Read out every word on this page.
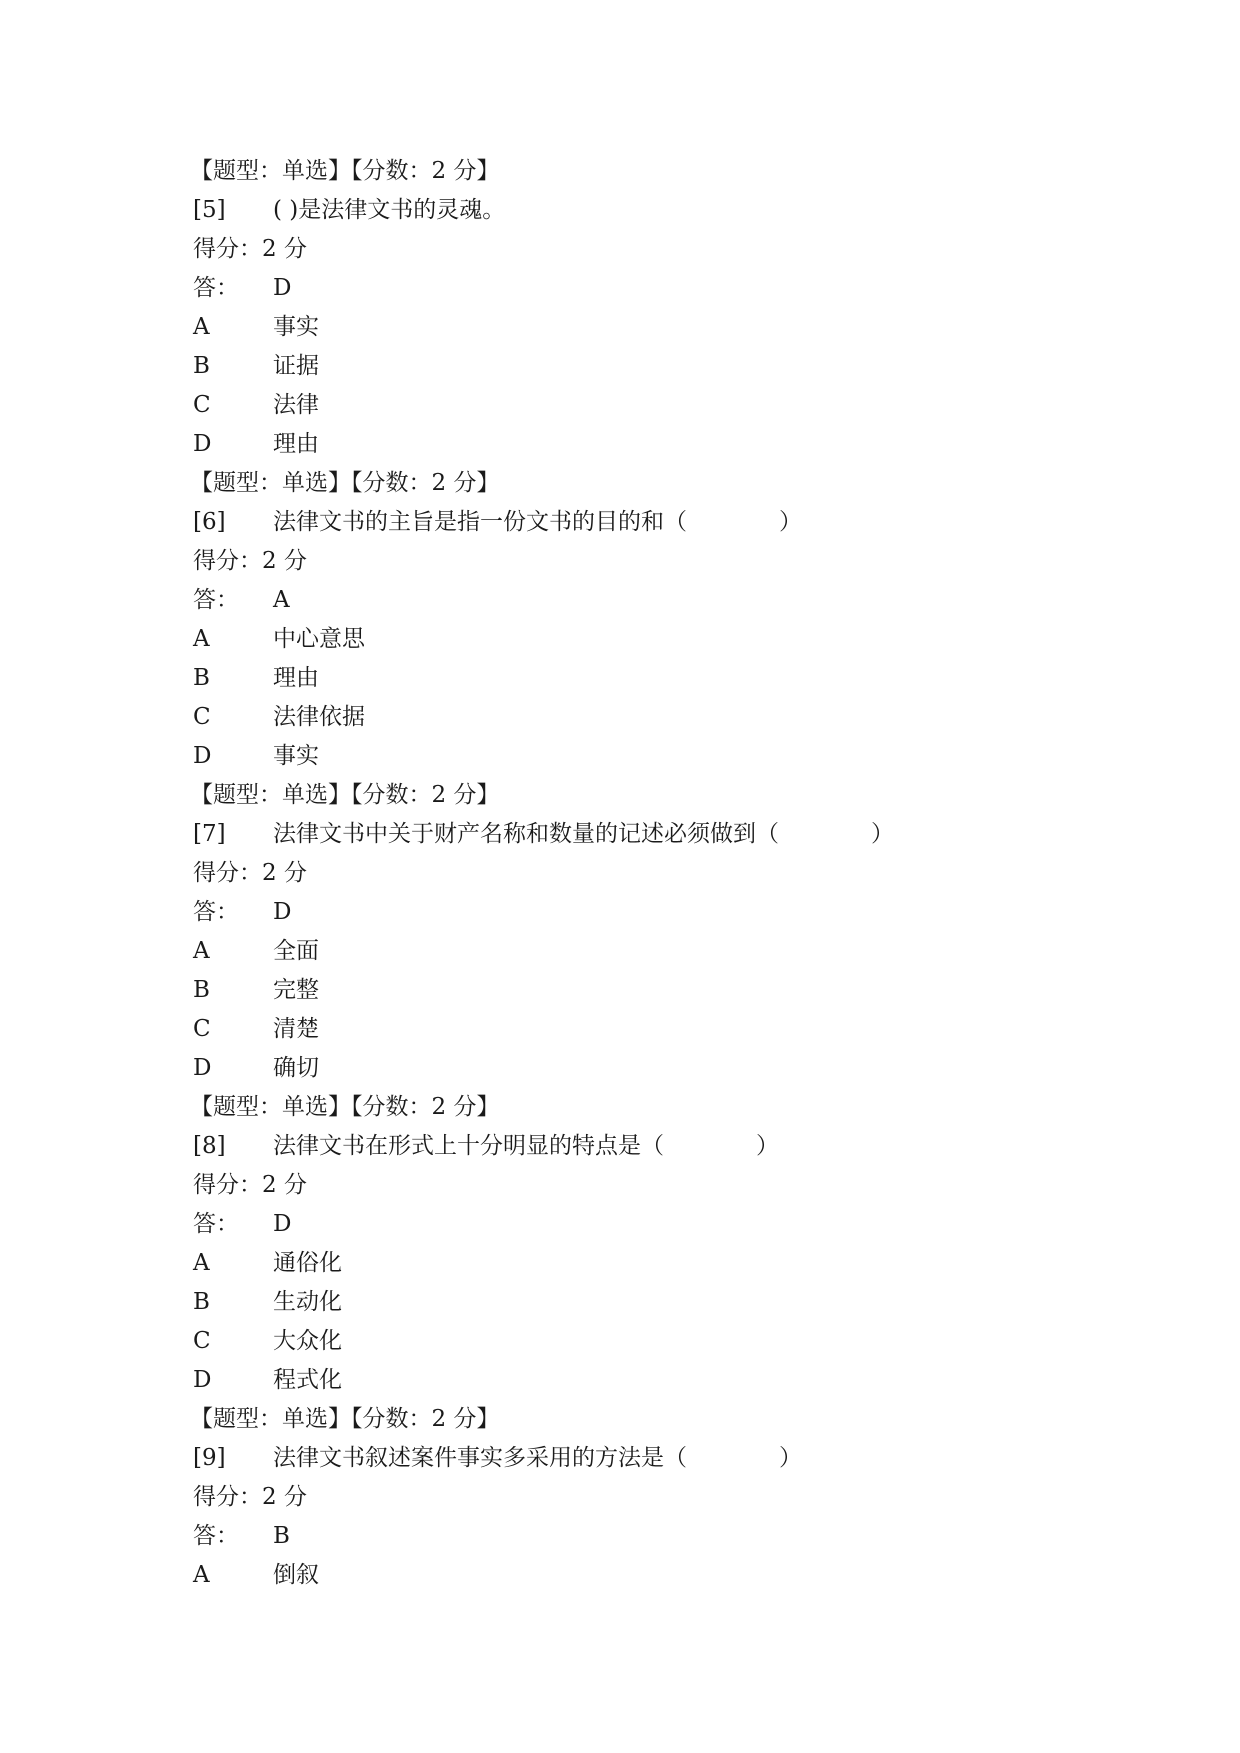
【题型：单选】【分数：2 分】
[5]	( )是法律文书的灵魂。
得分： 2 分
答：	D
A	事实
B	证据
C	法律
D	理由
【题型：单选】【分数：2 分】
[6]	法律文书的主旨是指一份文书的目的和（　　　　）
得分： 2 分
答：	A
A	中心意思
B	理由
C	法律依据
D	事实
【题型：单选】【分数：2 分】
[7]	法律文书中关于财产名称和数量的记述必须做到（　　　　）
得分： 2 分
答：	D
A	全面
B	完整
C	清楚
D	确切
【题型：单选】【分数：2 分】
[8]	法律文书在形式上十分明显的特点是（　　　　）
得分： 2 分
答：	D
A	通俗化
B	生动化
C	大众化
D	程式化
【题型：单选】【分数：2 分】
[9]	法律文书叙述案件事实多采用的方法是（　　　　）
得分： 2 分
答：	B
A	倒叙
